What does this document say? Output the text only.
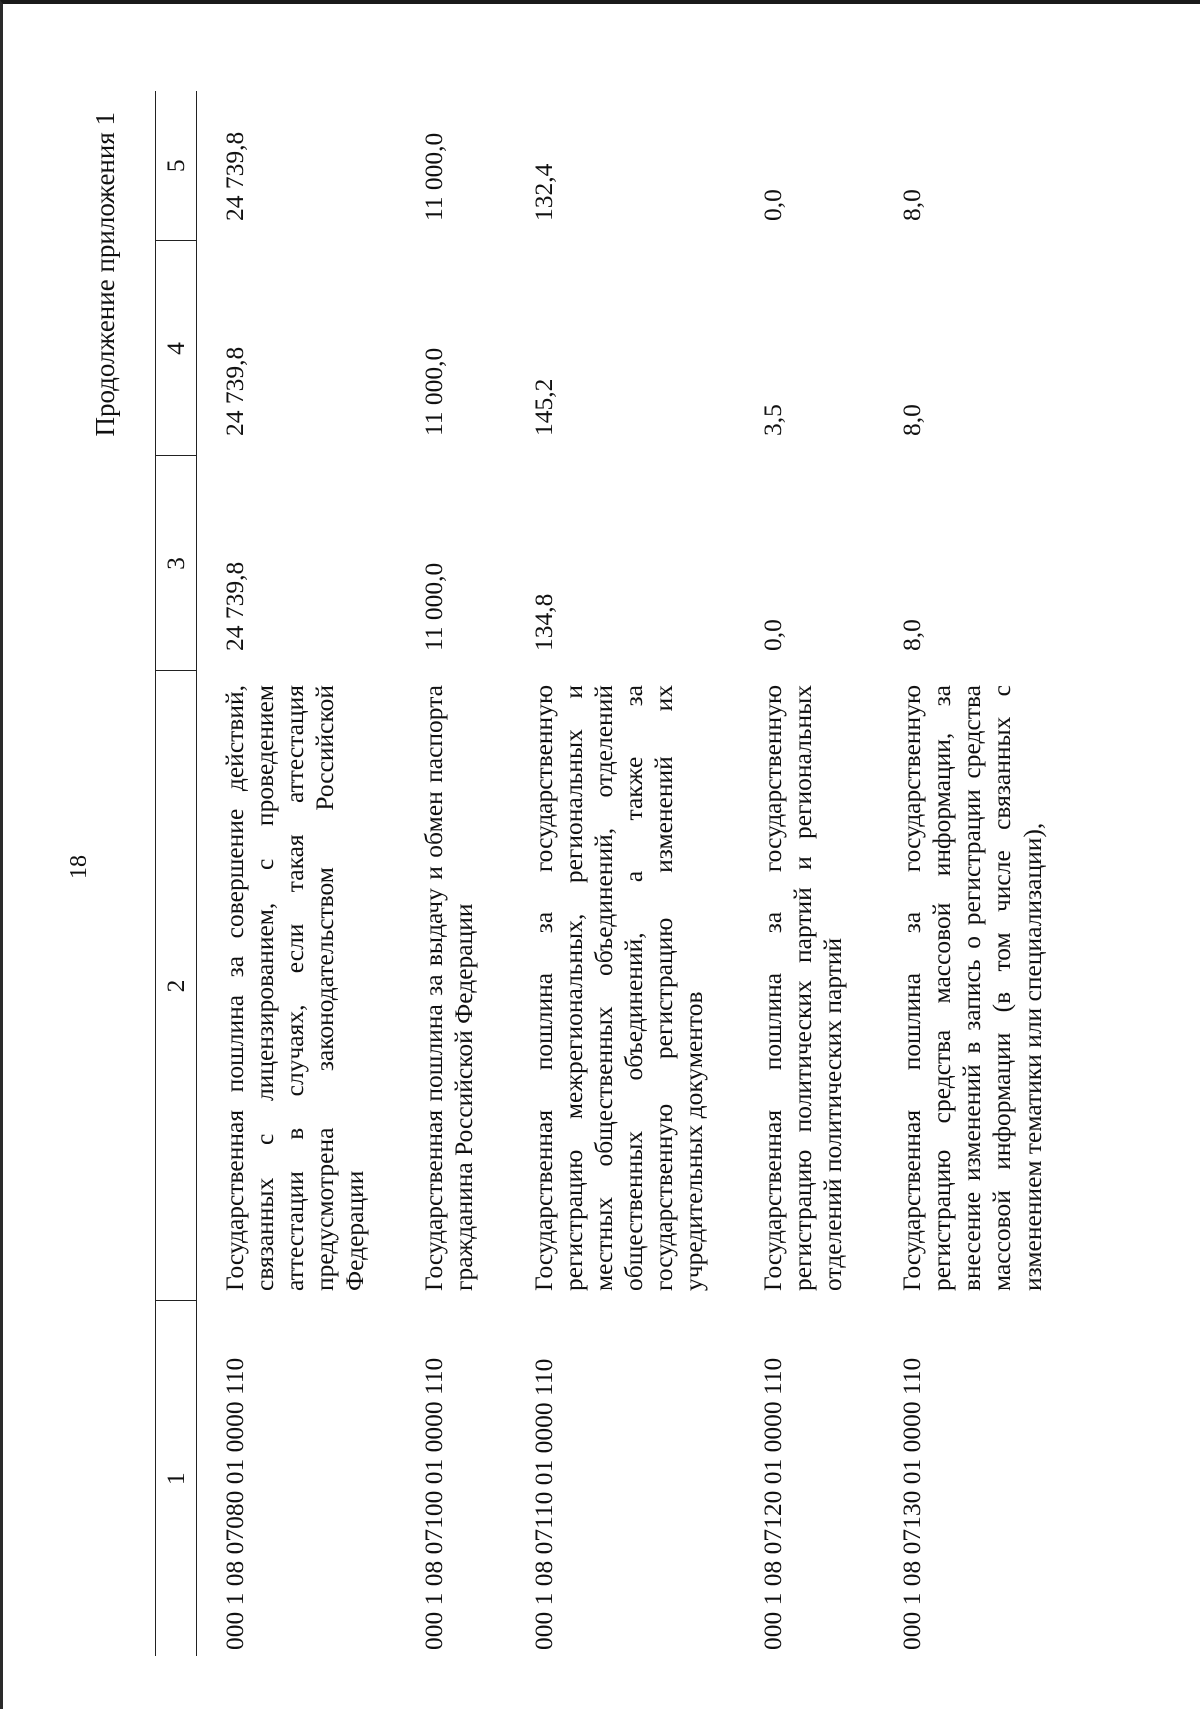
18
Продолжение приложения 1
1	2	3	4	5
000 1 08 07080 01 0000 110	Государственная пошлина за совершение действий, связанных с лицензированием, с проведением аттестации в случаях, если такая аттестация предусмотрена законодательством Российской Федерации	24 739,8	24 739,8	24 739,8
000 1 08 07100 01 0000 110	Государственная пошлина за выдачу и обмен паспорта гражданина Российской Федерации	11 000,0	11 000,0	11 000,0
000 1 08 07110 01 0000 110	Государственная пошлина за государственную регистрацию межрегиональных, региональных и местных общественных объединений, отделений общественных объединений, а также за государственную регистрацию изменений их учредительных документов	134,8	145,2	132,4
000 1 08 07120 01 0000 110	Государственная пошлина за государственную регистрацию политических партий и региональных отделений политических партий	0,0	3,5	0,0
000 1 08 07130 01 0000 110	Государственная пошлина за государственную регистрацию средства массовой информации, за внесение изменений в запись о регистрации средства массовой информации (в том числе связанных с изменением тематики или специализации),	8,0	8,0	8,0
